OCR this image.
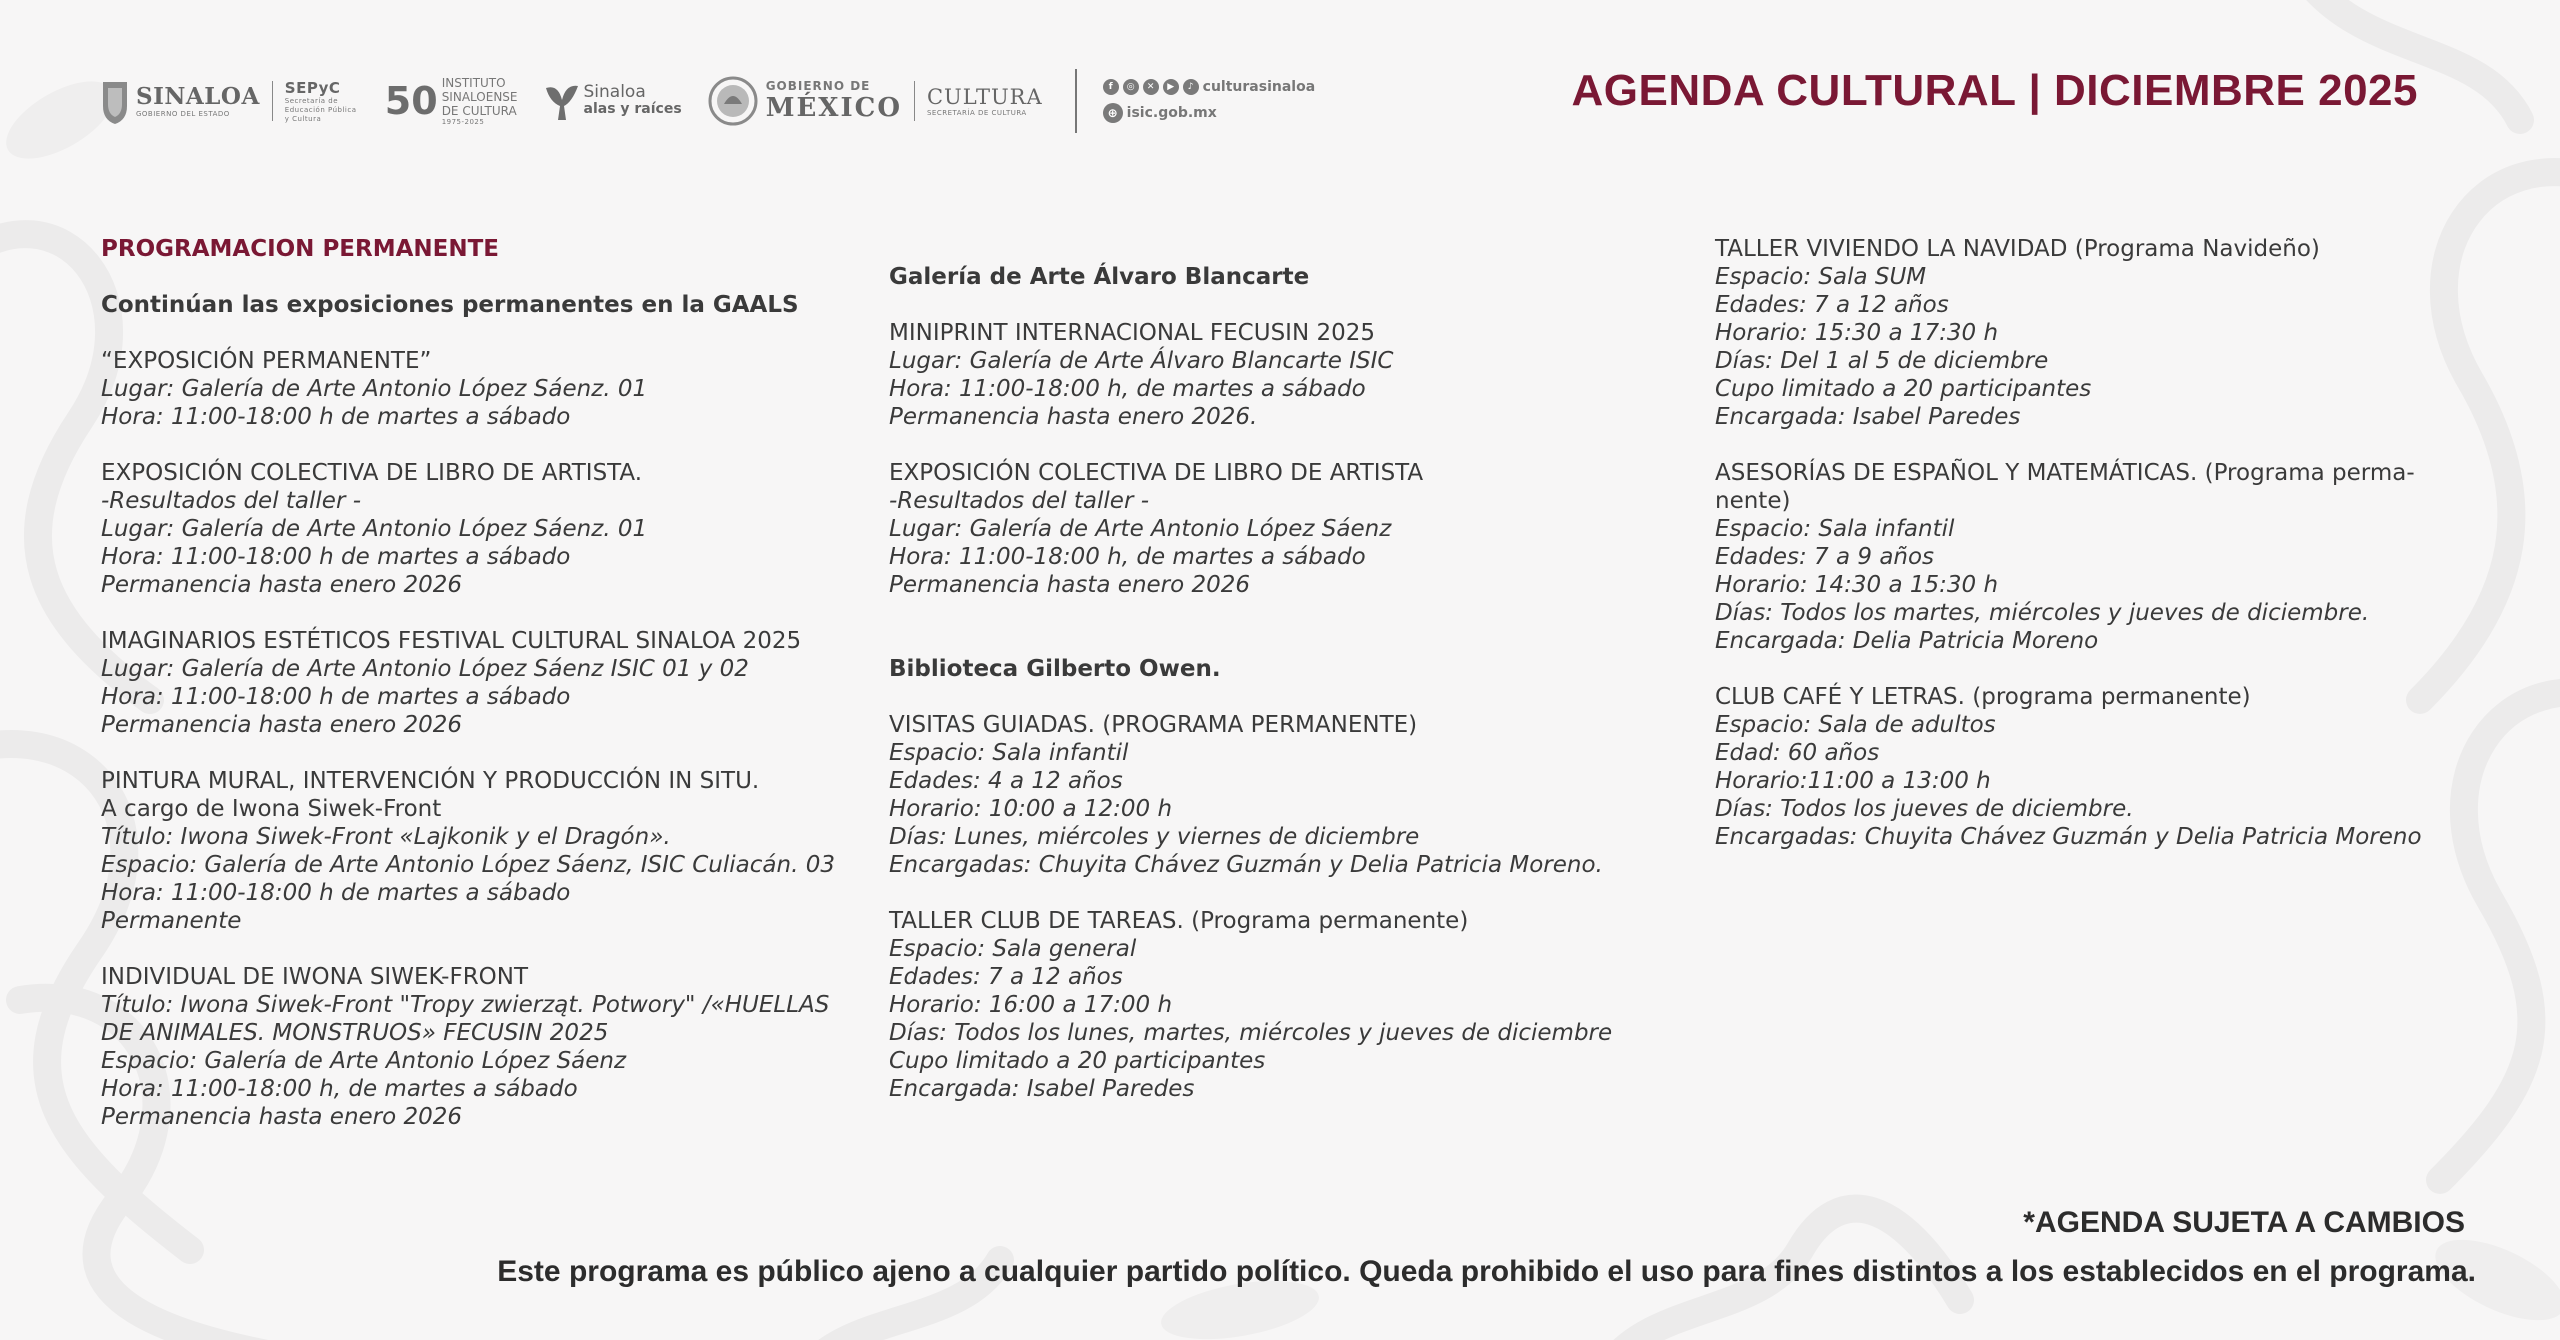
SINALOA
GOBIERNO DEL ESTADO
SEPyC
Secretaría de Educación Pública y Cultura	50 INSTITUTO
SINALOENSE
DE CULTURA
1975-2025
Sinaloa
alas y raíces
GOBIERNO DE
MÉXICO CULTURA
SECRETARÍA DE CULTURA
f	◎	✕	▶	♪ culturasinaloa
⊕ isic.gob.mx	AGENDA CULTURAL | DICIEMBRE 2025

PROGRAMACION PERMANENTE

Continúan las exposiciones permanentes en la GAALS

“EXPOSICIÓN PERMANENTE”

Lugar: Galería de Arte Antonio López Sáenz. 01

Hora: 11:00-18:00 h de martes a sábado

EXPOSICIÓN COLECTIVA DE LIBRO DE ARTISTA.

-Resultados del taller -

Lugar: Galería de Arte Antonio López Sáenz. 01

Hora: 11:00-18:00 h de martes a sábado

Permanencia hasta enero 2026

IMAGINARIOS ESTÉTICOS FESTIVAL CULTURAL SINALOA 2025

Lugar: Galería de Arte Antonio López Sáenz ISIC 01 y 02

Hora: 11:00-18:00 h de martes a sábado

Permanencia hasta enero 2026

PINTURA MURAL, INTERVENCIÓN Y PRODUCCIÓN IN SITU.

A cargo de Iwona Siwek-Front

Título: Iwona Siwek-Front «Lajkonik y el Dragón».

Espacio: Galería de Arte Antonio López Sáenz, ISIC Culiacán. 03

Hora: 11:00-18:00 h de martes a sábado

Permanente

INDIVIDUAL DE IWONA SIWEK-FRONT

Título: Iwona Siwek-Front "Tropy zwierząt. Potwory" /«HUELLAS

DE ANIMALES. MONSTRUOS» FECUSIN 2025

Espacio: Galería de Arte Antonio López Sáenz

Hora: 11:00-18:00 h, de martes a sábado

Permanencia hasta enero 2026

Galería de Arte Álvaro Blancarte

MINIPRINT INTERNACIONAL FECUSIN 2025

Lugar: Galería de Arte Álvaro Blancarte ISIC

Hora: 11:00-18:00 h, de martes a sábado

Permanencia hasta enero 2026.

EXPOSICIÓN COLECTIVA DE LIBRO DE ARTISTA

-Resultados del taller -

Lugar: Galería de Arte Antonio López Sáenz

Hora: 11:00-18:00 h, de martes a sábado

Permanencia hasta enero 2026

Biblioteca Gilberto Owen.

VISITAS GUIADAS. (PROGRAMA PERMANENTE)

Espacio: Sala infantil

Edades: 4 a 12 años

Horario: 10:00 a 12:00 h

Días: Lunes, miércoles y viernes de diciembre

Encargadas: Chuyita Chávez Guzmán y Delia Patricia Moreno.

TALLER CLUB DE TAREAS. (Programa permanente)

Espacio: Sala general

Edades: 7 a 12 años

Horario: 16:00 a 17:00 h

Días: Todos los lunes, martes, miércoles y jueves de diciembre

Cupo limitado a 20 participantes

Encargada: Isabel Paredes

TALLER VIVIENDO LA NAVIDAD (Programa Navideño)

Espacio: Sala SUM

Edades: 7 a 12 años

Horario: 15:30 a 17:30 h

Días: Del 1 al 5 de diciembre

Cupo limitado a 20 participantes

Encargada: Isabel Paredes

ASESORÍAS DE ESPAÑOL Y MATEMÁTICAS. (Programa perma-

nente)

Espacio: Sala infantil

Edades: 7 a 9 años

Horario: 14:30 a 15:30 h

Días: Todos los martes, miércoles y jueves de diciembre.

Encargada: Delia Patricia Moreno

CLUB CAFÉ Y LETRAS. (programa permanente)

Espacio: Sala de adultos

Edad: 60 años

Horario:11:00 a 13:00 h

Días: Todos los jueves de diciembre.

Encargadas: Chuyita Chávez Guzmán y Delia Patricia Moreno

*AGENDA SUJETA A CAMBIOS
Este programa es público ajeno a cualquier partido político. Queda prohibido el uso para fines distintos a los establecidos en el programa.
